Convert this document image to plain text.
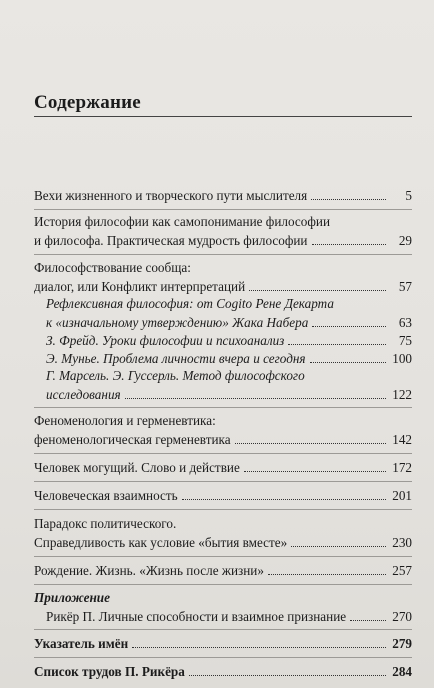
Содержание
Вехи жизненного и творческого пути мыслителя	5
История философии как самопонимание философии
и философа. Практическая мудрость философии	29
Философствование сообща:
диалог, или Конфликт интерпретаций	57
Рефлексивная философия: от Cogito Рене Декарта
к «изначальному утверждению» Жака Набера	63
З. Фрейд. Уроки философии и психоанализ	75
Э. Мунье. Проблема личности вчера и сегодня	100
Г. Марсель. Э. Гуссерль. Метод философского
исследования	122
Феноменология и герменевтика:
феноменологическая герменевтика	142
Человек могущий. Слово и действие	172
Человеческая взаимность	201
Парадокс политического.
Справедливость как условие «бытия вместе»	230
Рождение. Жизнь. «Жизнь после жизни»	257
Приложение
Рикёр П. Личные способности и взаимное признание	270
Указатель имён	279
Список трудов П. Рикёра	284
